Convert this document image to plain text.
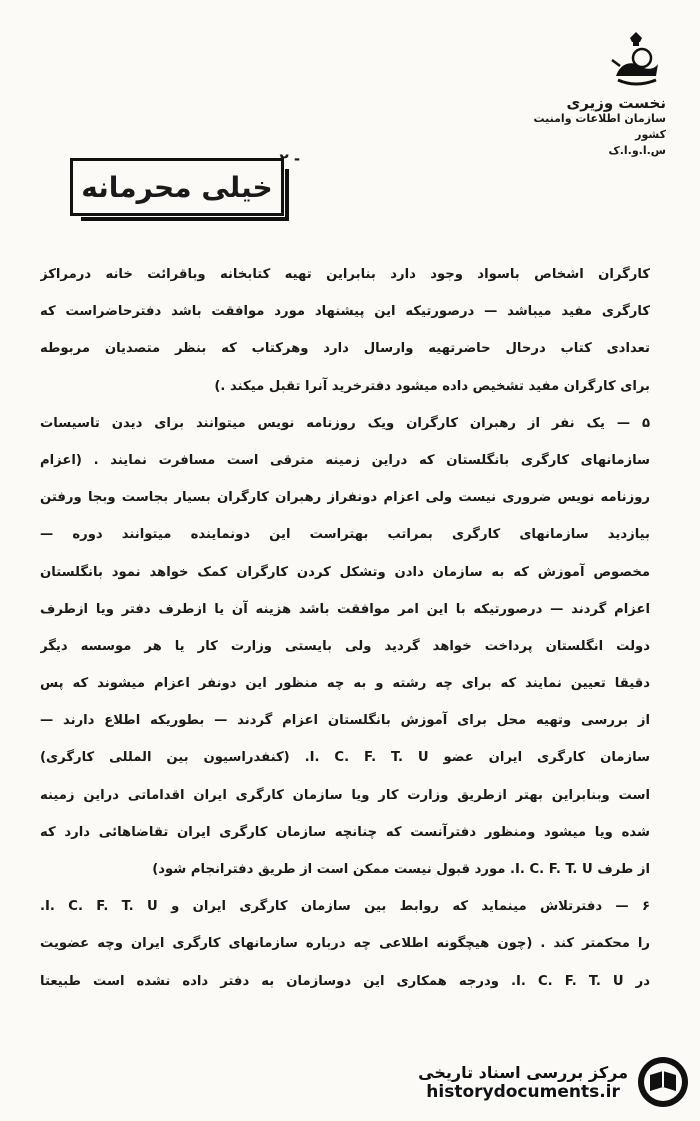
نخست وزیری
سازمان اطلاعات وامنیت کشور
س.ا.و.ا.ک
- ۲ -
خیلی محرمانه
کارگران اشخاص باسواد وجود دارد بنابراین تهیه کتابخانه وباقرائت خانه درمراکز
کارگری مفید میباشد — درصورتیکه این پیشنهاد مورد موافقت باشد دفترحاضراست که
تعدادی کتاب درحال حاضرتهیه وارسال دارد وهرکتاب که بنظر متصدیان مربوطه
برای کارگران مفید تشخیص داده میشود دفترخرید آنرا تقبل میکند .)
۵ — یک نفر از رهبران کارگران ویک روزنامه نویس میتوانند برای دیدن تاسیسات
سازمانهای کارگری بانگلستان که دراین زمینه مترقی است مسافرت نمایند . (اعزام
روزنامه نویس ضروری نیست ولی اعزام دونفراز رهبران کارگران بسیار بجاست وبجا ورفتن
بیازدید سازمانهای کارگری بمراتب بهتراست این دونماینده میتوانند دوره —
مخصوص آموزش که به سازمان دادن وتشکل کردن کارگران کمک خواهد نمود بانگلستان
اعزام گردند — درصورتیکه با این امر موافقت باشد هزینه آن یا ازطرف دفتر ویا ازطرف
دولت انگلستان پرداخت خواهد گردید ولی بایستی وزارت کار یا هر موسسه دیگر
دقیقا تعیین نمایند که برای چه رشته و به چه منظور این دونفر اعزام میشوند که پس
از بررسی وتهیه محل برای آموزش بانگلستان اعزام گردند — بطوریکه اطلاع دارند —
سازمان کارگری ایران عضو I. C. F. T. U. (کنفدراسیون بین المللی کارگری)
است وبنابراین بهتر ازطریق وزارت کار ویا سازمان کارگری ایران اقداماتی دراین زمینه
شده ویا میشود ومنظور دفترآنست که چنانچه سازمان کارگری ایران تقاضاهائی دارد که
از طرف I. C. F. T. U. مورد قبول نیست ممکن است از طریق دفترانجام شود)
۶ — دفترتلاش مینماید که روابط بین سازمان کارگری ایران و I. C. F. T. U.
را محکمتر کند . (چون هیچگونه اطلاعی چه درباره سازمانهای کارگری ایران وچه عضویت
در I. C. F. T. U. ودرجه همکاری این دوسازمان به دفتر داده نشده است طبیعتا
مرکز بررسی اسناد تاریخی
historydocuments.ir
